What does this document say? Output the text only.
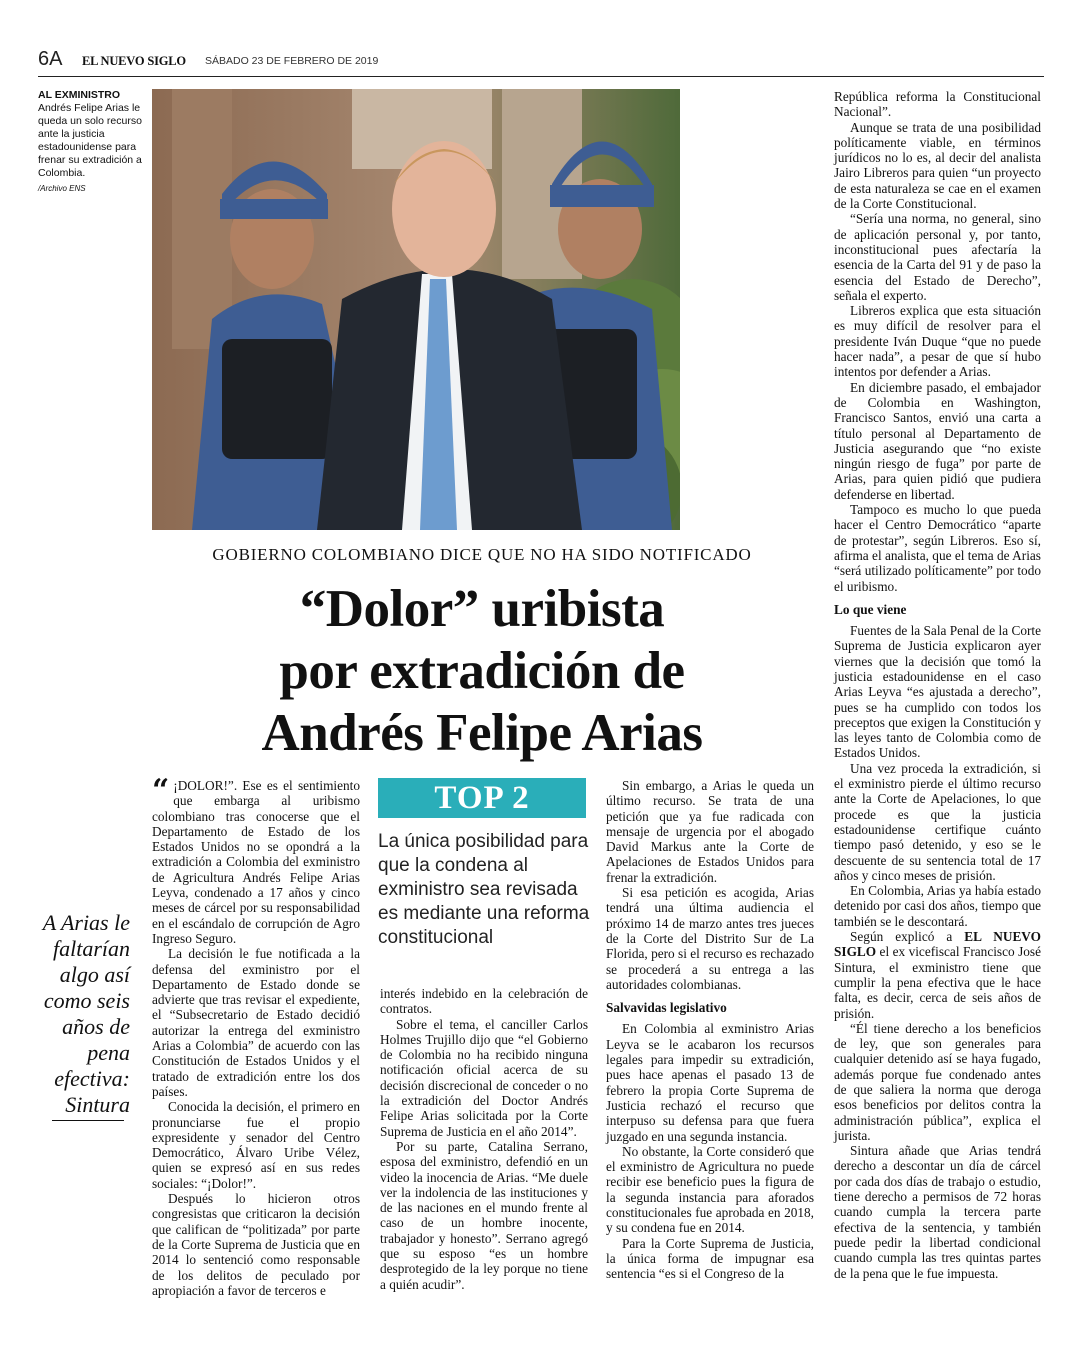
6A EL NUEVO SIGLO SÁBADO 23 DE FEBRERO DE 2019
AL EXMINISTRO
Andrés Felipe Arias le queda un solo recurso ante la justicia estadounidense para frenar su extradición a Colombia.
/Archivo ENS
GOBIERNO COLOMBIANO DICE QUE NO HA SIDO NOTIFICADO
“Dolor” uribista
por extradición de
Andrés Felipe Arias
A Arias le faltarían algo así como seis años de pena efectiva: Sintura

“ ¡DOLOR!”. Ese es el sentimiento que embarga al uribismo colombiano tras conocerse que el Departamento de Estado de los Estados Unidos no se opondrá a la extradición a Colombia del exministro de Agricultura Andrés Felipe Arias Leyva, condenado a 17 años y cinco meses de cárcel por su responsabilidad en el escándalo de corrupción de Agro Ingreso Seguro.

La decisión le fue notificada a la defensa del exministro por el Departamento de Estado donde se advierte que tras revisar el expediente, el “Subsecretario de Estado decidió autorizar la entrega del exministro Arias a Colombia” de acuerdo con las Constitución de Estados Unidos y el tratado de extradición entre los dos países.

Conocida la decisión, el primero en pronunciarse fue el propio expresidente y senador del Centro Democrático, Álvaro Uribe Vélez, quien se expresó así en sus redes sociales: “¡Dolor!”.

Después lo hicieron otros congresistas que criticaron la decisión que califican de “politizada” por parte de la Corte Suprema de Justicia que en 2014 lo sentenció como responsable de los delitos de peculado por apropiación a favor de terceros e

TOP 2
La única posibilidad para que la condena al exministro sea revisada es mediante una reforma constitucional

interés indebido en la celebración de contratos.

Sobre el tema, el canciller Carlos Holmes Trujillo dijo que “el Gobierno de Colombia no ha recibido ninguna notificación oficial acerca de su decisión discrecional de conceder o no la extradición del Doctor Andrés Felipe Arias solicitada por la Corte Suprema de Justicia en el año 2014”.

Por su parte, Catalina Serrano, esposa del exministro, defendió en un video la inocencia de Arias. “Me duele ver la indolencia de las instituciones y de las naciones en el mundo frente al caso de un hombre inocente, trabajador y honesto”. Serrano agregó que su esposo “es un hombre desprotegido de la ley porque no tiene a quién acudir”.

Sin embargo, a Arias le queda un último recurso. Se trata de una petición que ya fue radicada con mensaje de urgencia por el abogado David Markus ante la Corte de Apelaciones de Estados Unidos para frenar la extradición.

Si esa petición es acogida, Arias tendrá una última audiencia el próximo 14 de marzo antes tres jueces de la Corte del Distrito Sur de La Florida, pero si el recurso es rechazado se procederá a su entrega a las autoridades colombianas.

Salvavidas legislativo

En Colombia al exministro Arias Leyva se le acabaron los recursos legales para impedir su extradición, pues hace apenas el pasado 13 de febrero la propia Corte Suprema de Justicia rechazó el recurso que interpuso su defensa para que fuera juzgado en una segunda instancia.

No obstante, la Corte consideró que el exministro de Agricultura no puede recibir ese beneficio pues la figura de la segunda instancia para aforados constitucionales fue aprobada en 2018, y su condena fue en 2014.

Para la Corte Suprema de Justicia, la única forma de impugnar esa sentencia “es si el Congreso de la

República reforma la Constitucional Nacional”.

Aunque se trata de una posibilidad políticamente viable, en términos jurídicos no lo es, al decir del analista Jairo Libreros para quien “un proyecto de esta naturaleza se cae en el examen de la Corte Constitucional.

“Sería una norma, no general, sino de aplicación personal y, por tanto, inconstitucional pues afectaría la esencia de la Carta del 91 y de paso la esencia del Estado de Derecho”, señala el experto.

Libreros explica que esta situación es muy difícil de resolver para el presidente Iván Duque “que no puede hacer nada”, a pesar de que sí hubo intentos por defender a Arias.

En diciembre pasado, el embajador de Colombia en Washington, Francisco Santos, envió una carta a título personal al Departamento de Justicia asegurando que “no existe ningún riesgo de fuga” por parte de Arias, para quien pidió que pudiera defenderse en libertad.

Tampoco es mucho lo que pueda hacer el Centro Democrático “aparte de protestar”, según Libreros. Eso sí, afirma el analista, que el tema de Arias “será utilizado políticamente” por todo el uribismo.

Lo que viene

Fuentes de la Sala Penal de la Corte Suprema de Justicia explicaron ayer viernes que la decisión que tomó la justicia estadounidense en el caso Arias Leyva “es ajustada a derecho”, pues se ha cumplido con todos los preceptos que exigen la Constitución y las leyes tanto de Colombia como de Estados Unidos.

Una vez proceda la extradición, si el exministro pierde el último recurso ante la Corte de Apelaciones, lo que procede es que la justicia estadounidense certifique cuánto tiempo pasó detenido, y eso se le descuente de su sentencia total de 17 años y cinco meses de prisión.

En Colombia, Arias ya había estado detenido por casi dos años, tiempo que también se le descontará.

Según explicó a EL NUEVO SIGLO el ex vicefiscal Francisco José Sintura, el exministro tiene que cumplir la pena efectiva que le hace falta, es decir, cerca de seis años de prisión.

“Él tiene derecho a los beneficios de ley, que son generales para cualquier detenido así se haya fugado, además porque fue condenado antes de que saliera la norma que deroga esos beneficios por delitos contra la administración pública”, explica el jurista.

Sintura añade que Arias tendrá derecho a descontar un día de cárcel por cada dos días de trabajo o estudio, tiene derecho a permisos de 72 horas cuando cumpla la tercera parte efectiva de la sentencia, y también puede pedir la libertad condicional cuando cumpla las tres quintas partes de la pena que le fue impuesta.
